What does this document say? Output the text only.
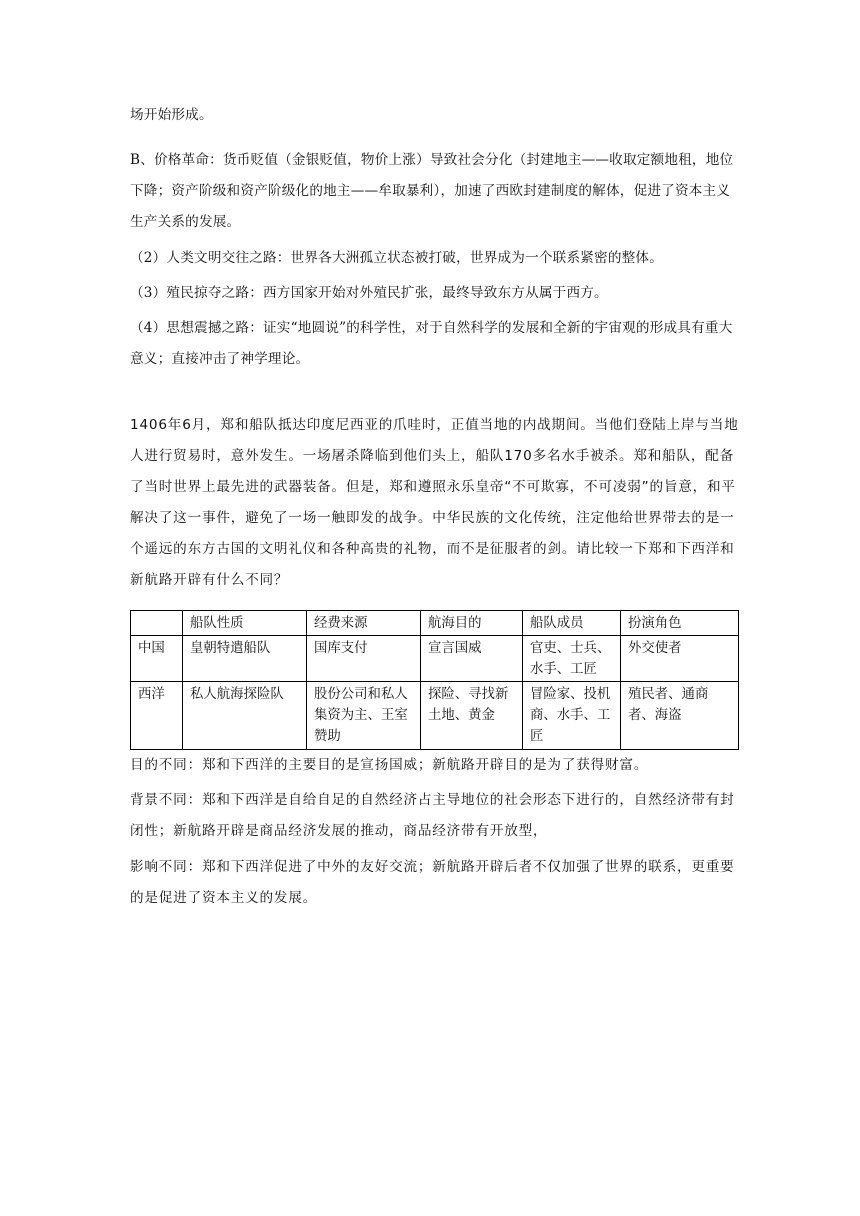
场开始形成。

B、价格革命：货币贬值（金银贬值，物价上涨）导致社会分化（封建地主——收取定额地租，地位下降；资产阶级和资产阶级化的地主——牟取暴利），加速了西欧封建制度的解体，促进了资本主义生产关系的发展。

（2）人类文明交往之路：世界各大洲孤立状态被打破，世界成为一个联系紧密的整体。

（3）殖民掠夺之路：西方国家开始对外殖民扩张，最终导致东方从属于西方。

（4）思想震撼之路：证实“地圆说”的科学性，对于自然科学的发展和全新的宇宙观的形成具有重大意义；直接冲击了神学理论。

1406年6月，郑和船队抵达印度尼西亚的爪哇时，正值当地的内战期间。当他们登陆上岸与当地人进行贸易时，意外发生。一场屠杀降临到他们头上，船队170多名水手被杀。郑和船队，配备了当时世界上最先进的武器装备。但是，郑和遵照永乐皇帝“不可欺寡，不可凌弱”的旨意，和平解决了这一事件，避免了一场一触即发的战争。中华民族的文化传统，注定他给世界带去的是一个遥远的东方古国的文明礼仪和各种高贵的礼物，而不是征服者的剑。请比较一下郑和下西洋和新航路开辟有什么不同？

	船队性质	经费来源	航海目的	船队成员	扮演角色
中国	皇朝特遣船队	国库支付	宣言国威	官吏、士兵、水手、工匠	外交使者
西洋	私人航海探险队	股份公司和私人集资为主、王室赞助	探险、寻找新土地、黄金	冒险家、投机商、水手、工匠	殖民者、通商者、海盗

目的不同：郑和下西洋的主要目的是宣扬国威；新航路开辟目的是为了获得财富。

背景不同：郑和下西洋是自给自足的自然经济占主导地位的社会形态下进行的，自然经济带有封闭性；新航路开辟是商品经济发展的推动，商品经济带有开放型，

影响不同：郑和下西洋促进了中外的友好交流；新航路开辟后者不仅加强了世界的联系，更重要的是促进了资本主义的发展。
